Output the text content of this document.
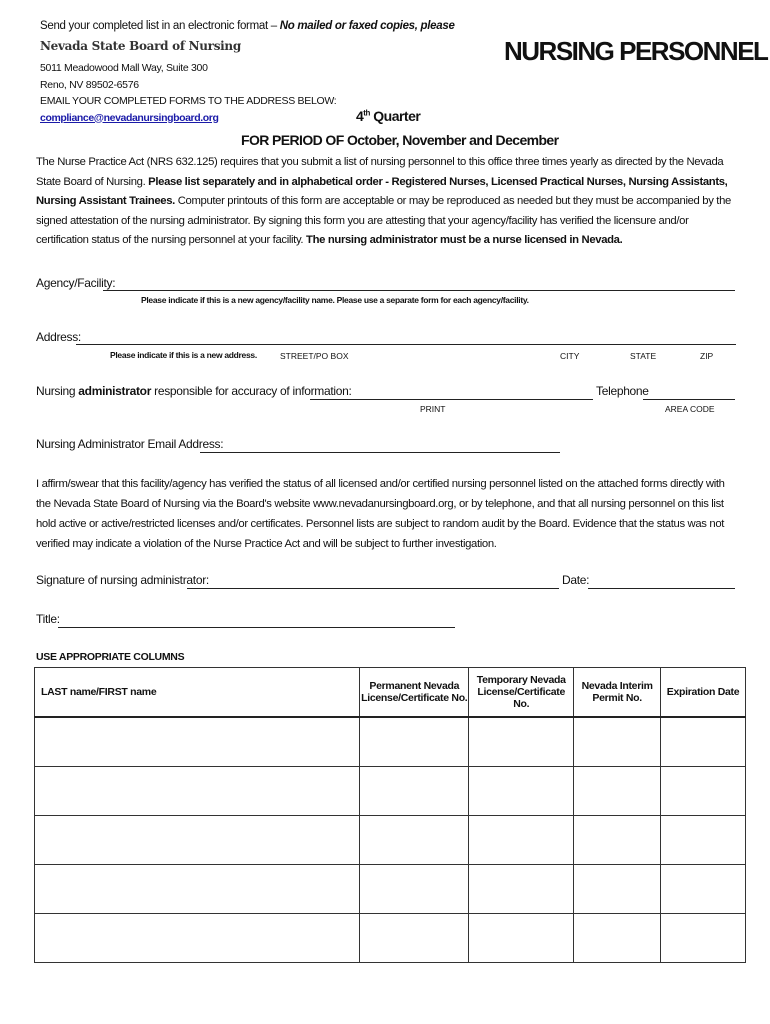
Send your completed list in an electronic format – No mailed or faxed copies, please
Nevada State Board of Nursing
5011 Meadowood Mall Way, Suite 300
Reno, NV 89502-6576
EMAIL YOUR COMPLETED FORMS TO THE ADDRESS BELOW:
compliance@nevadanursingboard.org
NURSING PERSONNEL
4th Quarter
FOR PERIOD OF October, November and December
The Nurse Practice Act (NRS 632.125) requires that you submit a list of nursing personnel to this office three times yearly as directed by the Nevada State Board of Nursing. Please list separately and in alphabetical order - Registered Nurses, Licensed Practical Nurses, Nursing Assistants, Nursing Assistant Trainees. Computer printouts of this form are acceptable or may be reproduced as needed but they must be accompanied by the signed attestation of the nursing administrator. By signing this form you are attesting that your agency/facility has verified the licensure and/or certification status of the nursing personnel at your facility. The nursing administrator must be a nurse licensed in Nevada.
Agency/Facility:
Please indicate if this is a new agency/facility name. Please use a separate form for each agency/facility.
Address:
Please indicate if this is a new address.	STREET/PO BOX	CITY	STATE	ZIP
Nursing administrator responsible for accuracy of information:	Telephone
PRINT	AREA CODE
Nursing Administrator Email Address:
I affirm/swear that this facility/agency has verified the status of all licensed and/or certified nursing personnel listed on the attached forms directly with the Nevada State Board of Nursing via the Board's website www.nevadanursingboard.org, or by telephone, and that all nursing personnel on this list hold active or active/restricted licenses and/or certificates. Personnel lists are subject to random audit by the Board. Evidence that the status was not verified may indicate a violation of the Nurse Practice Act and will be subject to further investigation.
Signature of nursing administrator:	Date:
Title:
USE APPROPRIATE COLUMNS
LAST name/FIRST name	Permanent Nevada License/Certificate No.	Temporary Nevada License/Certificate No.	Nevada Interim Permit No.	Expiration Date
